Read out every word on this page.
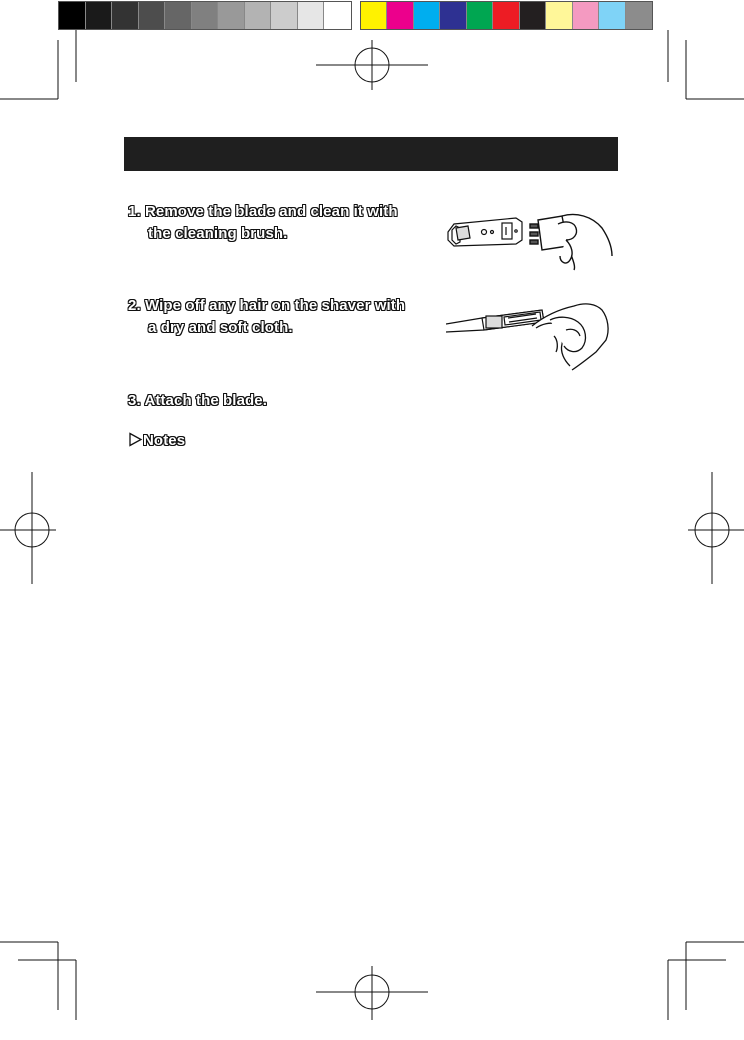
1. Remove the blade and clean it with
the cleaning brush.
2. Wipe off any hair on the shaver with
a dry and soft cloth.
3. Attach the blade.
Notes
